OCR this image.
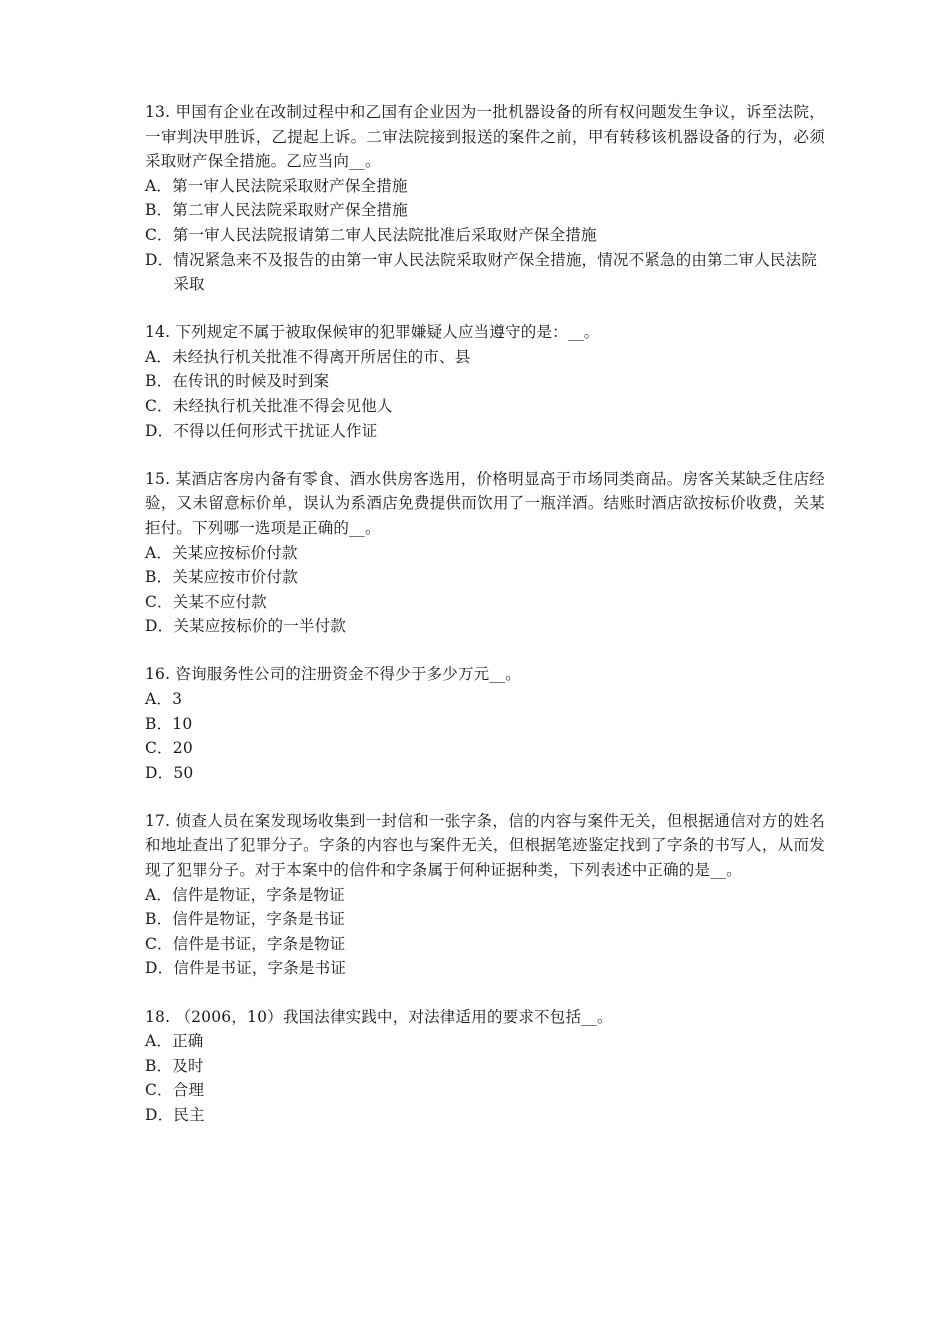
13. 甲国有企业在改制过程中和乙国有企业因为一批机器设备的所有权问题发生争议，诉至法院，一审判决甲胜诉，乙提起上诉。二审法院接到报送的案件之前，甲有转移该机器设备的行为，必须采取财产保全措施。乙应当向__。
A． 第一审人民法院采取财产保全措施
B． 第二审人民法院采取财产保全措施
C． 第一审人民法院报请第二审人民法院批准后采取财产保全措施
D． 情况紧急来不及报告的由第一审人民法院采取财产保全措施，情况不紧急的由第二审人民法院采取
14. 下列规定不属于被取保候审的犯罪嫌疑人应当遵守的是：__。
A． 未经执行机关批准不得离开所居住的市、县
B． 在传讯的时候及时到案
C． 未经执行机关批准不得会见他人
D． 不得以任何形式干扰证人作证
15. 某酒店客房内备有零食、酒水供房客选用，价格明显高于市场同类商品。房客关某缺乏住店经验，又未留意标价单，误认为系酒店免费提供而饮用了一瓶洋酒。结账时酒店欲按标价收费，关某拒付。下列哪一选项是正确的__。
A． 关某应按标价付款
B． 关某应按市价付款
C． 关某不应付款
D． 关某应按标价的一半付款
16. 咨询服务性公司的注册资金不得少于多少万元__。
A． 3
B． 10
C． 20
D． 50
17. 侦查人员在案发现场收集到一封信和一张字条，信的内容与案件无关，但根据通信对方的姓名和地址查出了犯罪分子。字条的内容也与案件无关，但根据笔迹鉴定找到了字条的书写人，从而发现了犯罪分子。对于本案中的信件和字条属于何种证据种类，下列表述中正确的是__。
A． 信件是物证，字条是物证
B． 信件是物证，字条是书证
C． 信件是书证，字条是物证
D． 信件是书证，字条是书证
18. （2006，10）我国法律实践中，对法律适用的要求不包括__。
A． 正确
B． 及时
C． 合理
D． 民主
